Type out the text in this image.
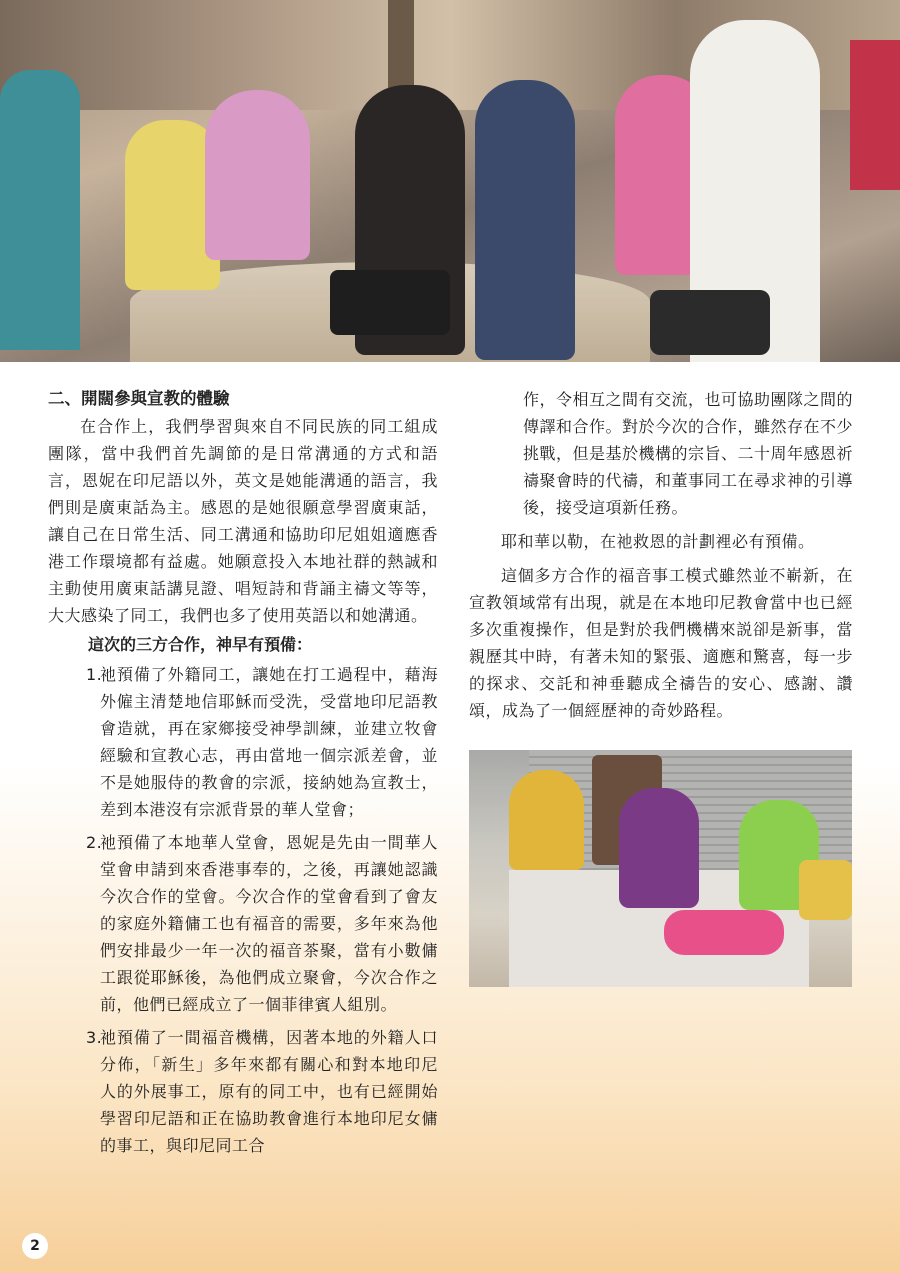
二、開闊參與宣教的體驗

在合作上，我們學習與來自不同民族的同工組成團隊，當中我們首先調節的是日常溝通的方式和語言，恩妮在印尼語以外，英文是她能溝通的語言，我們則是廣東話為主。感恩的是她很願意學習廣東話，讓自己在日常生活、同工溝通和協助印尼姐姐適應香港工作環境都有益處。她願意投入本地社群的熱誠和主動使用廣東話講見證、唱短詩和背誦主禱文等等，大大感染了同工，我們也多了使用英語以和她溝通。

這次的三方合作，神早有預備：

1.
祂預備了外籍同工，讓她在打工過程中，藉海外僱主清楚地信耶穌而受洗，受當地印尼語教會造就，再在家鄉接受神學訓練，並建立牧會經驗和宣教心志，再由當地一個宗派差會，並不是她服侍的教會的宗派，接納她為宣教士，差到本港沒有宗派背景的華人堂會；
2.
祂預備了本地華人堂會，恩妮是先由一間華人堂會申請到來香港事奉的，之後，再讓她認識今次合作的堂會。今次合作的堂會看到了會友的家庭外籍傭工也有福音的需要，多年來為他們安排最少一年一次的福音茶聚，當有小數傭工跟從耶穌後，為他們成立聚會，今次合作之前，他們已經成立了一個菲律賓人組別。
3.
祂預備了一間福音機構，因著本地的外籍人口分佈，「新生」多年來都有關心和對本地印尼人的外展事工，原有的同工中，也有已經開始學習印尼語和正在協助教會進行本地印尼女傭的事工，與印尼同工合

作，令相互之間有交流，也可協助團隊之間的傳譯和合作。對於今次的合作，雖然存在不少挑戰，但是基於機構的宗旨、二十周年感恩祈禱聚會時的代禱，和董事同工在尋求神的引導後，接受這項新任務。

耶和華以勒，在祂救恩的計劃裡必有預備。

這個多方合作的福音事工模式雖然並不嶄新，在宣教領域常有出現，就是在本地印尼教會當中也已經多次重複操作，但是對於我們機構來説卻是新事，當親歷其中時，有著未知的緊張、適應和驚喜，每一步的探求、交託和神垂聽成全禱告的安心、感謝、讚頌，成為了一個經歷神的奇妙路程。

2
